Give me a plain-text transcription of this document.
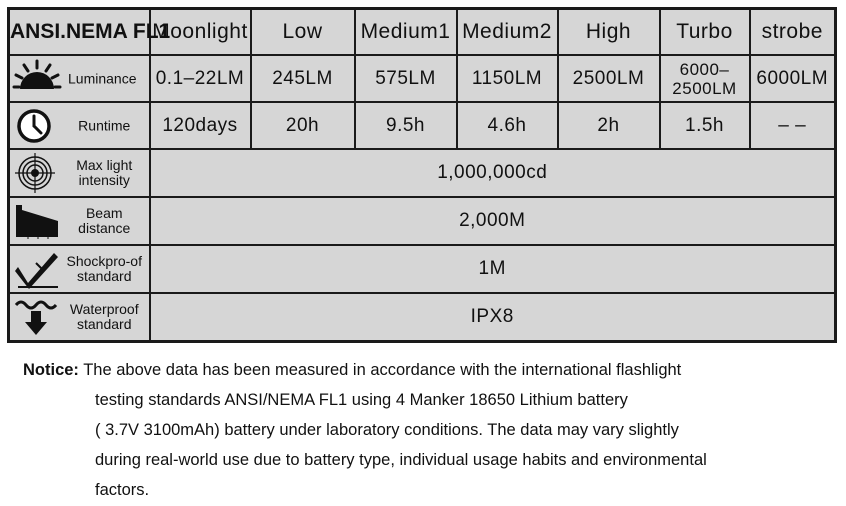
ANSI.NEMA FL1	Moonlight	Low	Medium1	Medium2	High	Turbo	strobe

Luminance	0.1–22LM	245LM	575LM	1150LM	2500LM	6000– 2500LM	6000LM

Runtime	120days	20h	9.5h	4.6h	2h	1.5h	– –

Max light intensity	1,000,000cd						

Beam distance	2,000M						

Shockpro-of standard	1M						

Waterproof standard	IPX8						
Notice: The above data has been measured in accordance with the international flashlight
testing standards ANSI/NEMA FL1 using 4 Manker 18650 Lithium battery
( 3.7V 3100mAh) battery under laboratory conditions. The data may vary slightly
during real-world use due to battery type, individual usage habits and environmental
factors.
